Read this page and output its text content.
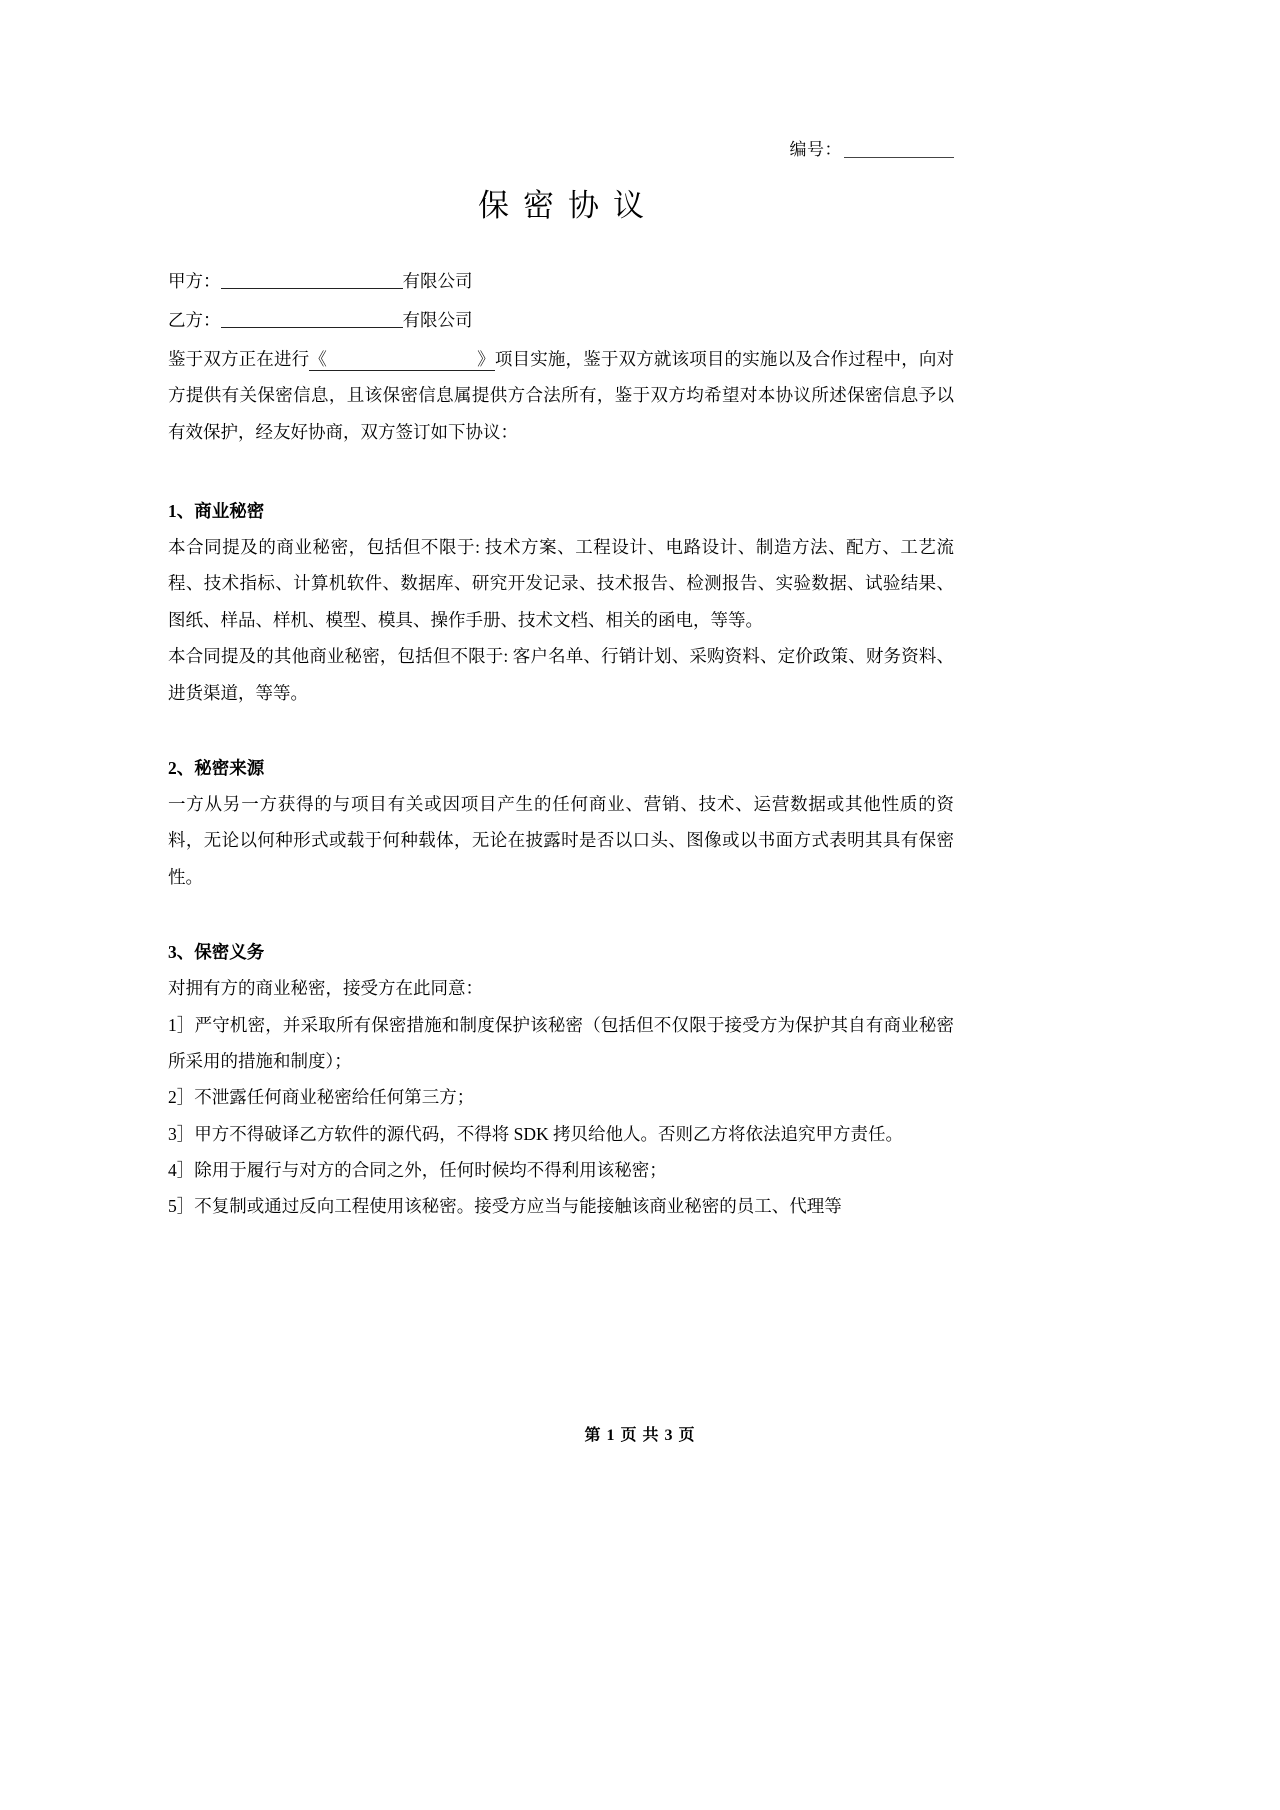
编号：
保密协议

甲方：	有限公司

乙方：	有限公司

鉴于双方正在进行《	》项目实施，鉴于双方就该项目的实施以及合作过程中，向对方提供有关保密信息，且该保密信息属提供方合法所有，鉴于双方均希望对本协议所述保密信息予以有效保护，经友好协商，双方签订如下协议：

1、商业秘密

本合同提及的商业秘密，包括但不限于: 技术方案、工程设计、电路设计、制造方法、配方、工艺流程、技术指标、计算机软件、数据库、研究开发记录、技术报告、检测报告、实验数据、试验结果、图纸、样品、样机、模型、模具、操作手册、技术文档、相关的函电，等等。

本合同提及的其他商业秘密，包括但不限于: 客户名单、行销计划、采购资料、定价政策、财务资料、进货渠道，等等。

2、秘密来源

一方从另一方获得的与项目有关或因项目产生的任何商业、营销、技术、运营数据或其他性质的资料，无论以何种形式或载于何种载体，无论在披露时是否以口头、图像或以书面方式表明其具有保密性。

3、保密义务

对拥有方的商业秘密，接受方在此同意：

1］严守机密，并采取所有保密措施和制度保护该秘密（包括但不仅限于接受方为保护其自有商业秘密所采用的措施和制度）；

2］不泄露任何商业秘密给任何第三方；

3］甲方不得破译乙方软件的源代码，不得将 SDK 拷贝给他人。否则乙方将依法追究甲方责任。

4］除用于履行与对方的合同之外，任何时候均不得利用该秘密；

5］不复制或通过反向工程使用该秘密。接受方应当与能接触该商业秘密的员工、代理等

第 1 页 共 3 页
